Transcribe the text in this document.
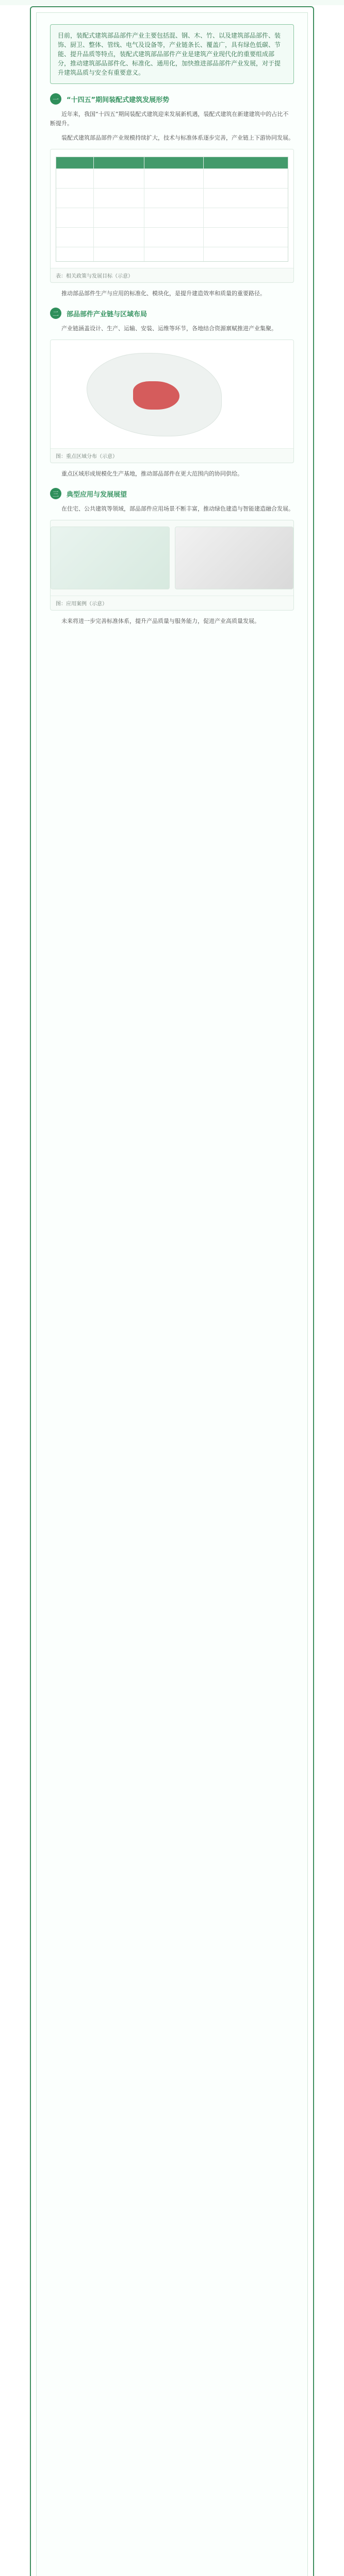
目前，装配式建筑部品部件产业主要包括混、钢、木、竹、以及建筑部品部件、装饰、厨卫、整体、管线、电气及设备等，产业链条长、覆盖广，具有绿色低碳、节能、提升品质等特点，装配式建筑部品部件产业是建筑产业现代化的重要组成部分，推动建筑部品部件化、标准化、通用化，加快推进部品部件产业发展，对于提升建筑品质与安全有重要意义。
一	“十四五”期间装配式建筑发展形势
近年来，我国“十四五”期间装配式建筑迎来发展新机遇，装配式建筑在新建建筑中的占比不断提升。
装配式建筑部品部件产业规模持续扩大，技术与标准体系逐步完善，产业链上下游协同发展。
表：相关政策与发展目标（示意）
推动部品部件生产与应用的标准化、模块化，是提升建造效率和质量的重要路径。
二	部品部件产业链与区域布局
产业链涵盖设计、生产、运输、安装、运维等环节，各地结合资源禀赋推进产业集聚。
图：重点区域分布（示意）
重点区域形成规模化生产基地，推动部品部件在更大范围内的协同供给。
三	典型应用与发展展望
在住宅、公共建筑等领域，部品部件应用场景不断丰富，推动绿色建造与智能建造融合发展。
图：应用案例（示意）
未来将进一步完善标准体系，提升产品质量与服务能力，促进产业高质量发展。
